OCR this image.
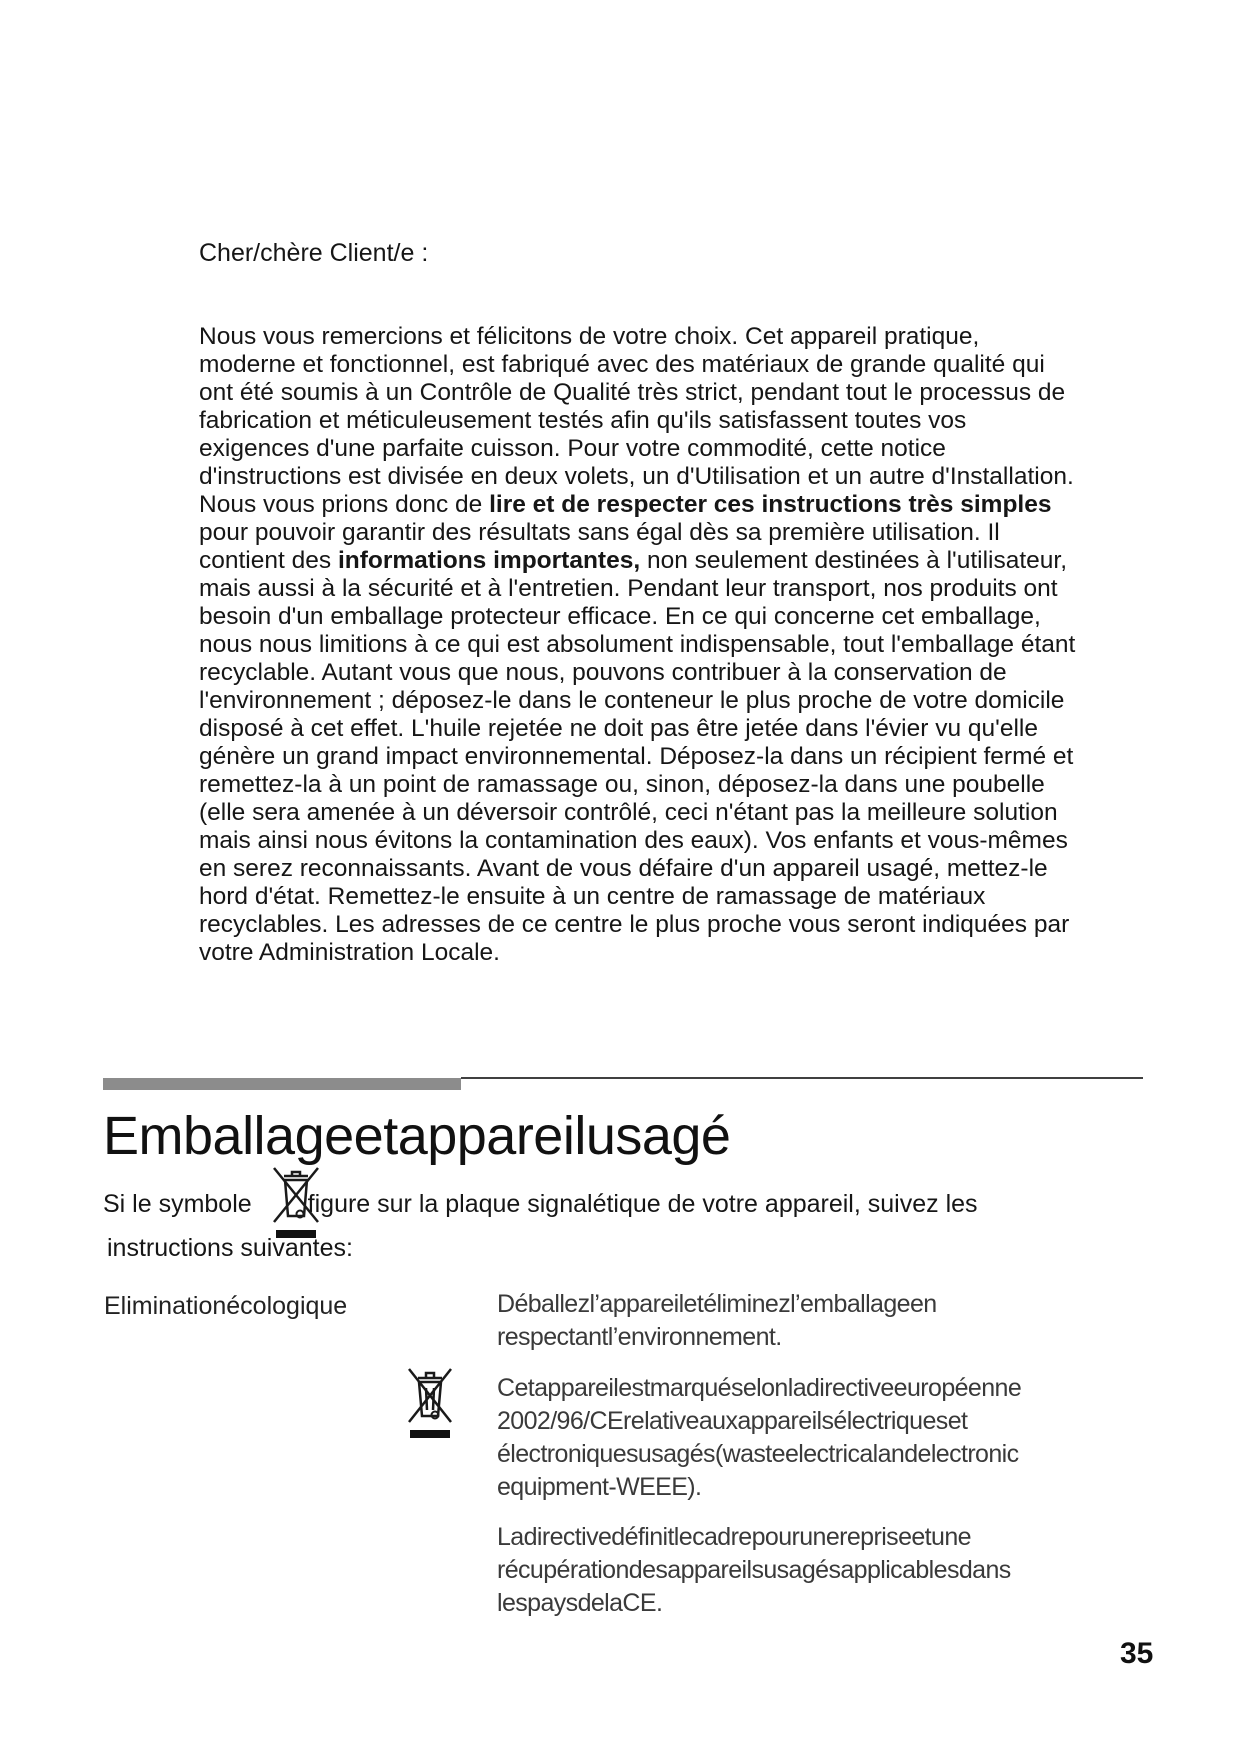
Cher/chère Client/e :

Nous vous remercions et félicitons de votre choix. Cet appareil pratique, moderne et fonctionnel, est fabriqué avec des matériaux de grande qualité qui ont été soumis à un Contrôle de Qualité très strict, pendant tout le processus de fabrication et méticuleusement testés afin qu'ils satisfassent toutes vos exigences d'une parfaite cuisson. Pour votre commodité, cette notice d'instructions est divisée en deux volets, un d'Utilisation et un autre d'Installation.

Nous vous prions donc de lire et de respecter ces instructions très simples pour pouvoir garantir des résultats sans égal dès sa première utilisation. Il contient des informations importantes, non seulement destinées à l'utilisateur, mais aussi à la sécurité et à l'entretien. Pendant leur transport, nos produits ont besoin d'un emballage protecteur efficace. En ce qui concerne cet emballage, nous nous limitions à ce qui est absolument indispensable, tout l'emballage étant recyclable. Autant vous que nous, pouvons contribuer à la conservation de l'environnement ; déposez-le dans le conteneur le plus proche de votre domicile disposé à cet effet. L'huile rejetée ne doit pas être jetée dans l'évier vu qu'elle génère un grand impact environnemental. Déposez-la dans un récipient fermé et remettez-la à un point de ramassage ou, sinon, déposez-la dans une poubelle (elle sera amenée à un déversoir contrôlé, ceci n'étant pas la meilleure solution mais ainsi nous évitons la contamination des eaux). Vos enfants et vous-mêmes en serez reconnaissants. Avant de vous défaire d'un appareil usagé, mettez-le hord d'état. Remettez-le ensuite à un centre de ramassage de matériaux recyclables. Les adresses de ce centre le plus proche vous seront indiquées par votre Administration Locale.

Emballageetappareilusagé
Si le symbole figure sur la plaque signalétique de votre appareil, suivez les
instructions suivantes:
Eliminationécologique	Déballezl’appareiletéliminezl’emballageen respectantl’environnement.
Cetappareilestmarquéselonladirectiveeuropéenne 2002/96/CErelativeauxappareilsélectriqueset électroniquesusagés(wasteelectricalandelectronic equipment-WEEE).
Ladirectivedéfinitlecadrepourunerepriseetune récupérationdesappareilsusagésapplicablesdans lespaysdelaCE.
35
